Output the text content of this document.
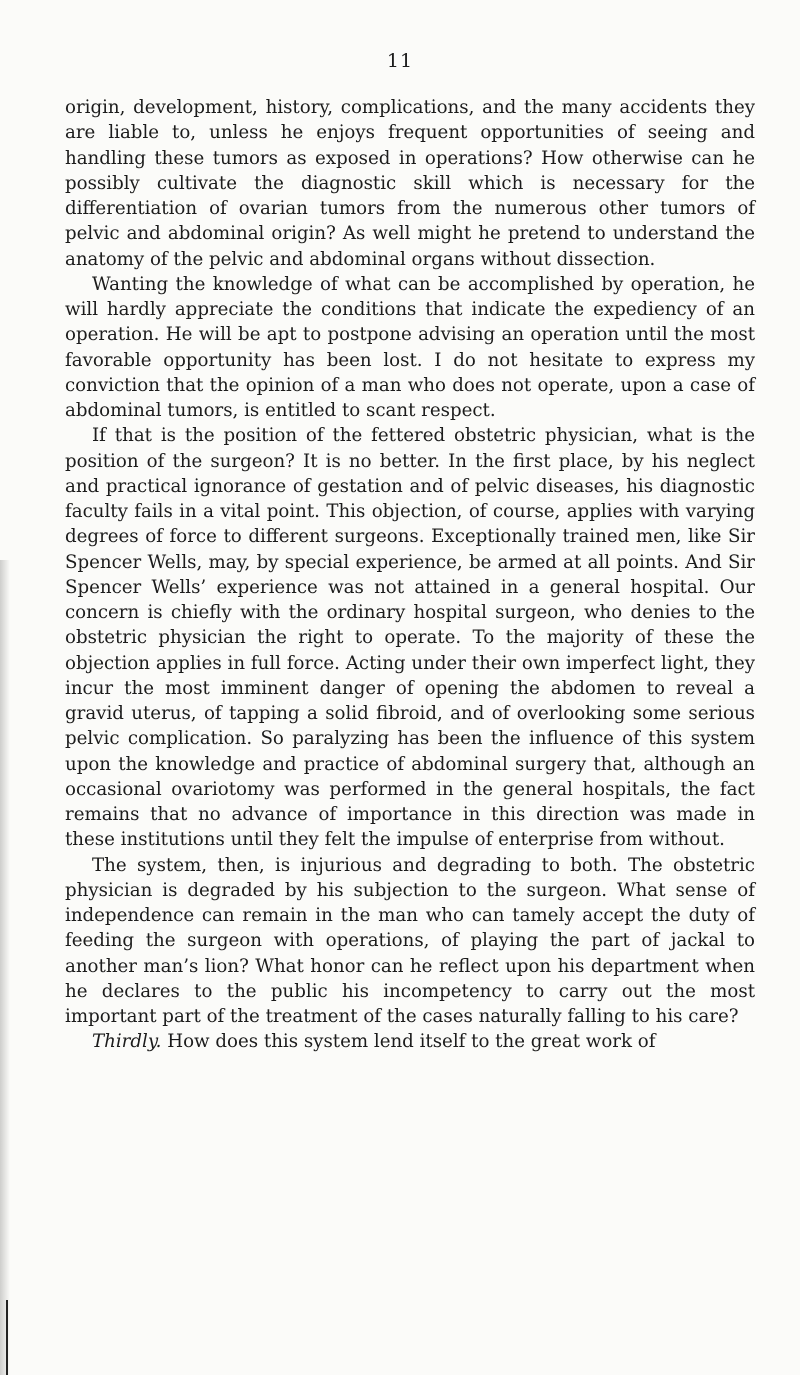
11

origin, development, history, complications, and the many accidents they are liable to, unless he enjoys frequent opportunities of seeing and handling these tumors as exposed in operations? How otherwise can he possibly cultivate the diagnostic skill which is necessary for the differentiation of ovarian tumors from the numerous other tumors of pelvic and abdominal origin? As well might he pretend to understand the anatomy of the pelvic and abdominal organs without dissection.

Wanting the knowledge of what can be accomplished by operation, he will hardly appreciate the conditions that indicate the expediency of an operation. He will be apt to postpone advising an operation until the most favorable opportunity has been lost. I do not hesitate to express my conviction that the opinion of a man who does not operate, upon a case of abdominal tumors, is entitled to scant respect.

If that is the position of the fettered obstetric physician, what is the position of the surgeon? It is no better. In the first place, by his neglect and practical ignorance of gestation and of pelvic diseases, his diagnostic faculty fails in a vital point. This objection, of course, applies with varying degrees of force to different surgeons. Exceptionally trained men, like Sir Spencer Wells, may, by special experience, be armed at all points. And Sir Spencer Wells’ experience was not attained in a general hospital. Our concern is chiefly with the ordinary hospital surgeon, who denies to the obstetric physician the right to operate. To the majority of these the objection applies in full force. Acting under their own imperfect light, they incur the most imminent danger of opening the abdomen to reveal a gravid uterus, of tapping a solid fibroid, and of overlooking some serious pelvic complication. So paralyzing has been the influence of this system upon the knowledge and practice of abdominal surgery that, although an occasional ovariotomy was performed in the general hospitals, the fact remains that no advance of importance in this direction was made in these institutions until they felt the impulse of enterprise from without.

The system, then, is injurious and degrading to both. The obstetric physician is degraded by his subjection to the surgeon. What sense of independence can remain in the man who can tamely accept the duty of feeding the surgeon with operations, of playing the part of jackal to another man’s lion? What honor can he reflect upon his department when he declares to the public his incompetency to carry out the most important part of the treatment of the cases naturally falling to his care?

Thirdly. How does this system lend itself to the great work of
